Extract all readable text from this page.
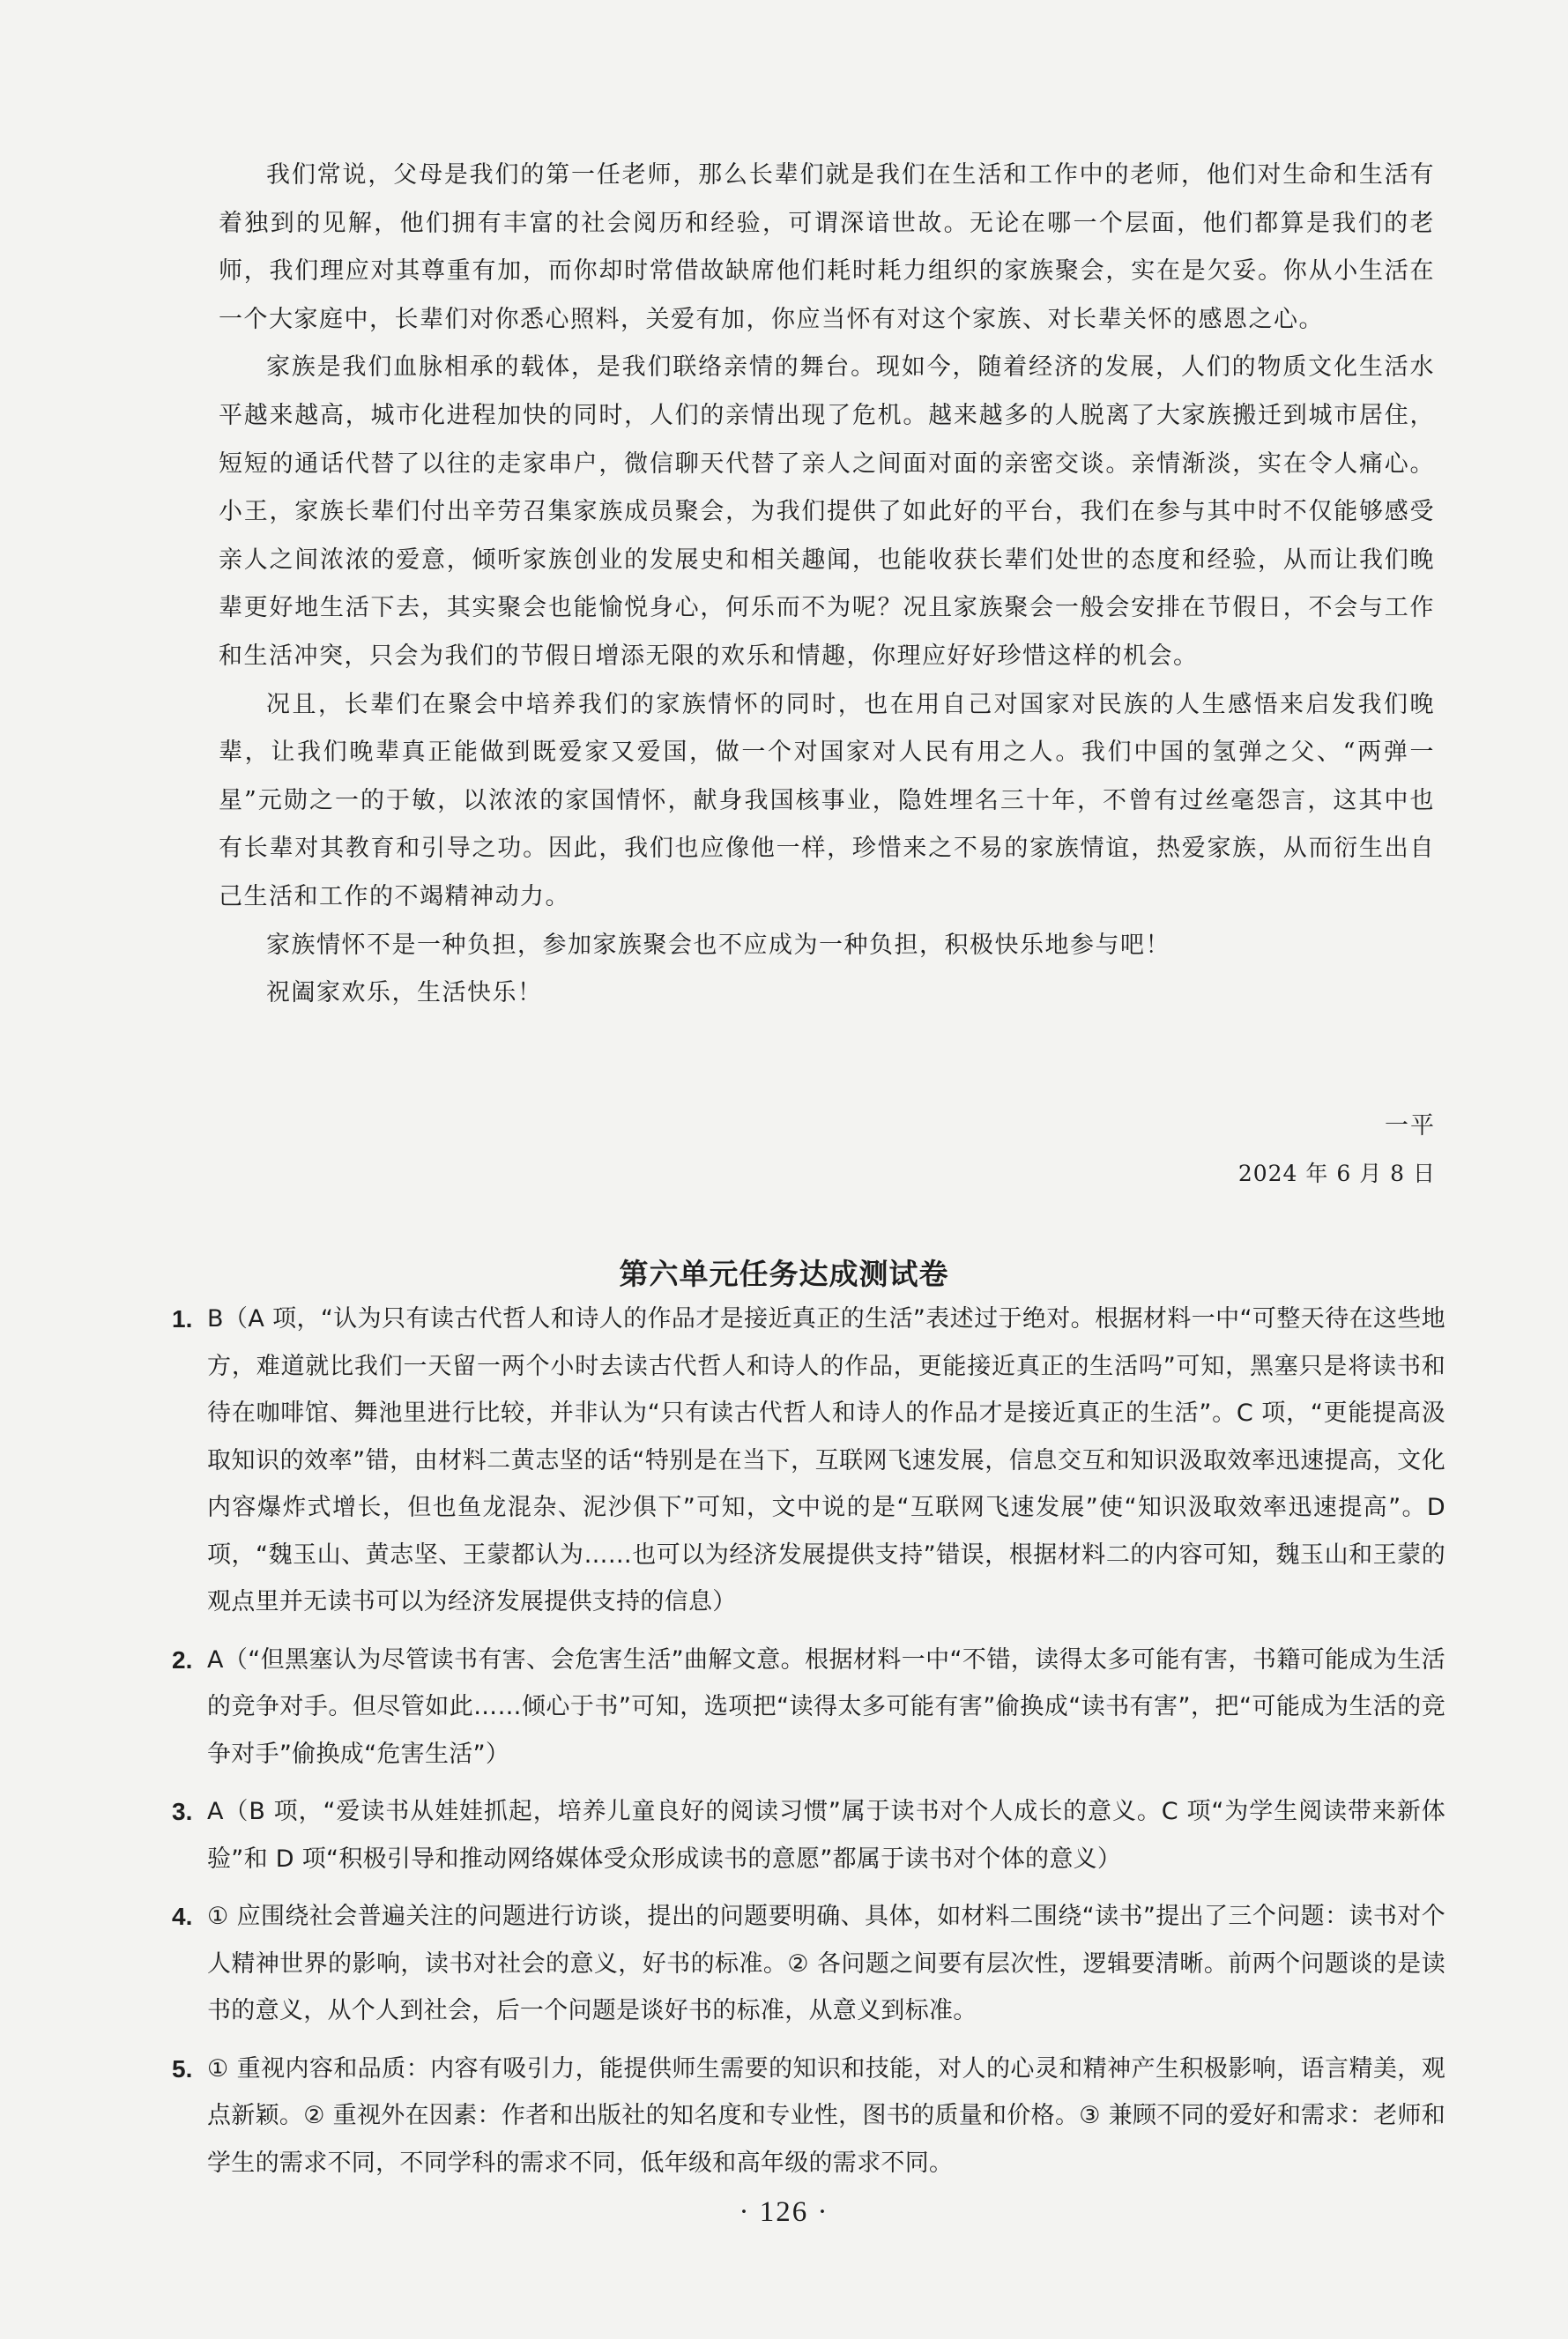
我们常说，父母是我们的第一任老师，那么长辈们就是我们在生活和工作中的老师，他们对生命和生活有着独到的见解，他们拥有丰富的社会阅历和经验，可谓深谙世故。无论在哪一个层面，他们都算是我们的老师，我们理应对其尊重有加，而你却时常借故缺席他们耗时耗力组织的家族聚会，实在是欠妥。你从小生活在一个大家庭中，长辈们对你悉心照料，关爱有加，你应当怀有对这个家族、对长辈关怀的感恩之心。

家族是我们血脉相承的载体，是我们联络亲情的舞台。现如今，随着经济的发展，人们的物质文化生活水平越来越高，城市化进程加快的同时，人们的亲情出现了危机。越来越多的人脱离了大家族搬迁到城市居住，短短的通话代替了以往的走家串户，微信聊天代替了亲人之间面对面的亲密交谈。亲情渐淡，实在令人痛心。小王，家族长辈们付出辛劳召集家族成员聚会，为我们提供了如此好的平台，我们在参与其中时不仅能够感受亲人之间浓浓的爱意，倾听家族创业的发展史和相关趣闻，也能收获长辈们处世的态度和经验，从而让我们晚辈更好地生活下去，其实聚会也能愉悦身心，何乐而不为呢？况且家族聚会一般会安排在节假日，不会与工作和生活冲突，只会为我们的节假日增添无限的欢乐和情趣，你理应好好珍惜这样的机会。

况且，长辈们在聚会中培养我们的家族情怀的同时，也在用自己对国家对民族的人生感悟来启发我们晚辈，让我们晚辈真正能做到既爱家又爱国，做一个对国家对人民有用之人。我们中国的氢弹之父、“两弹一星”元勋之一的于敏，以浓浓的家国情怀，献身我国核事业，隐姓埋名三十年，不曾有过丝毫怨言，这其中也有长辈对其教育和引导之功。因此，我们也应像他一样，珍惜来之不易的家族情谊，热爱家族，从而衍生出自己生活和工作的不竭精神动力。

家族情怀不是一种负担，参加家族聚会也不应成为一种负担，积极快乐地参与吧！

祝阖家欢乐，生活快乐！

一平
2024 年 6 月 8 日
第六单元任务达成测试卷
1. B（A 项，“认为只有读古代哲人和诗人的作品才是接近真正的生活”表述过于绝对。根据材料一中“可整天待在这些地方，难道就比我们一天留一两个小时去读古代哲人和诗人的作品，更能接近真正的生活吗”可知，黑塞只是将读书和待在咖啡馆、舞池里进行比较，并非认为“只有读古代哲人和诗人的作品才是接近真正的生活”。C 项，“更能提高汲取知识的效率”错，由材料二黄志坚的话“特别是在当下，互联网飞速发展，信息交互和知识汲取效率迅速提高，文化内容爆炸式增长，但也鱼龙混杂、泥沙俱下”可知，文中说的是“互联网飞速发展”使“知识汲取效率迅速提高”。D 项，“魏玉山、黄志坚、王蒙都认为……也可以为经济发展提供支持”错误，根据材料二的内容可知，魏玉山和王蒙的观点里并无读书可以为经济发展提供支持的信息）

2. A（“但黑塞认为尽管读书有害、会危害生活”曲解文意。根据材料一中“不错，读得太多可能有害，书籍可能成为生活的竞争对手。但尽管如此……倾心于书”可知，选项把“读得太多可能有害”偷换成“读书有害”，把“可能成为生活的竞争对手”偷换成“危害生活”）

3. A（B 项，“爱读书从娃娃抓起，培养儿童良好的阅读习惯”属于读书对个人成长的意义。C 项“为学生阅读带来新体验”和 D 项“积极引导和推动网络媒体受众形成读书的意愿”都属于读书对个体的意义）

4. ① 应围绕社会普遍关注的问题进行访谈，提出的问题要明确、具体，如材料二围绕“读书”提出了三个问题：读书对个人精神世界的影响，读书对社会的意义，好书的标准。② 各问题之间要有层次性，逻辑要清晰。前两个问题谈的是读书的意义，从个人到社会，后一个问题是谈好书的标准，从意义到标准。

5. ① 重视内容和品质：内容有吸引力，能提供师生需要的知识和技能，对人的心灵和精神产生积极影响，语言精美，观点新颖。② 重视外在因素：作者和出版社的知名度和专业性，图书的质量和价格。③ 兼顾不同的爱好和需求：老师和学生的需求不同，不同学科的需求不同，低年级和高年级的需求不同。

· 126 ·
